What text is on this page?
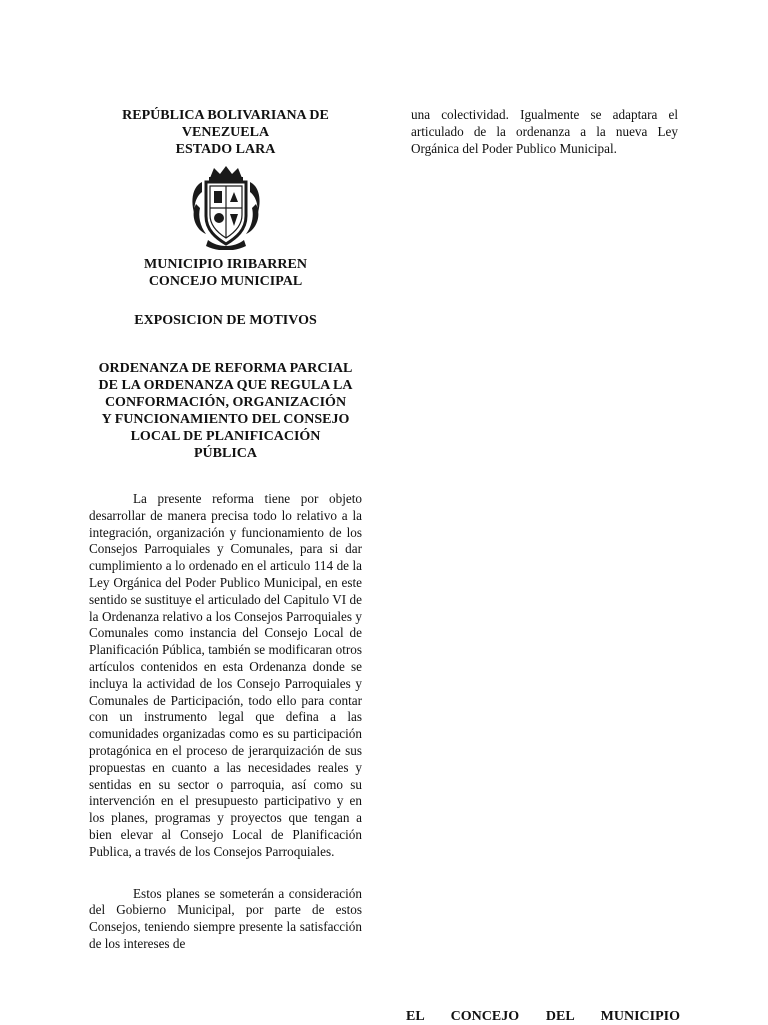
REPÚBLICA BOLIVARIANA DE
VENEZUELA
ESTADO LARA

MUNICIPIO IRIBARREN
CONCEJO MUNICIPAL

EXPOSICION DE MOTIVOS

ORDENANZA DE REFORMA PARCIAL
DE LA ORDENANZA QUE REGULA LA
CONFORMACIÓN, ORGANIZACIÓN
Y FUNCIONAMIENTO DEL CONSEJO
LOCAL DE PLANIFICACIÓN
PÚBLICA

La presente reforma tiene por objeto desarrollar de manera precisa todo lo relativo a la integración, organización y funcionamiento de los Consejos Parroquiales y Comunales, para si dar cumplimiento a lo ordenado en el articulo 114 de la Ley Orgánica del Poder Publico Municipal, en este sentido se sustituye el articulado del Capitulo VI de la Ordenanza relativo a los Consejos Parroquiales y Comunales como instancia del Consejo Local de Planificación Pública, también se modificaran otros artículos contenidos en esta Ordenanza donde se incluya la actividad de los Consejo Parroquiales y Comunales de Participación, todo ello para contar con un instrumento legal que defina a las comunidades organizadas como es su participación protagónica en el proceso de jerarquización de sus propuestas en cuanto a las necesidades reales y sentidas en su sector o parroquia, así como su intervención en el presupuesto participativo y en los planes, programas y proyectos que tengan a bien elevar al Consejo Local de Planificación Publica, a través de los Consejos Parroquiales.

Estos planes se someterán a consideración del Gobierno Municipal, por parte de estos Consejos, teniendo siempre presente la satisfacción de los intereses de

una colectividad. Igualmente se adaptara el articulado de la ordenanza a la nueva Ley Orgánica del Poder Publico Municipal.

EL CONCEJO DEL MUNICIPIO
